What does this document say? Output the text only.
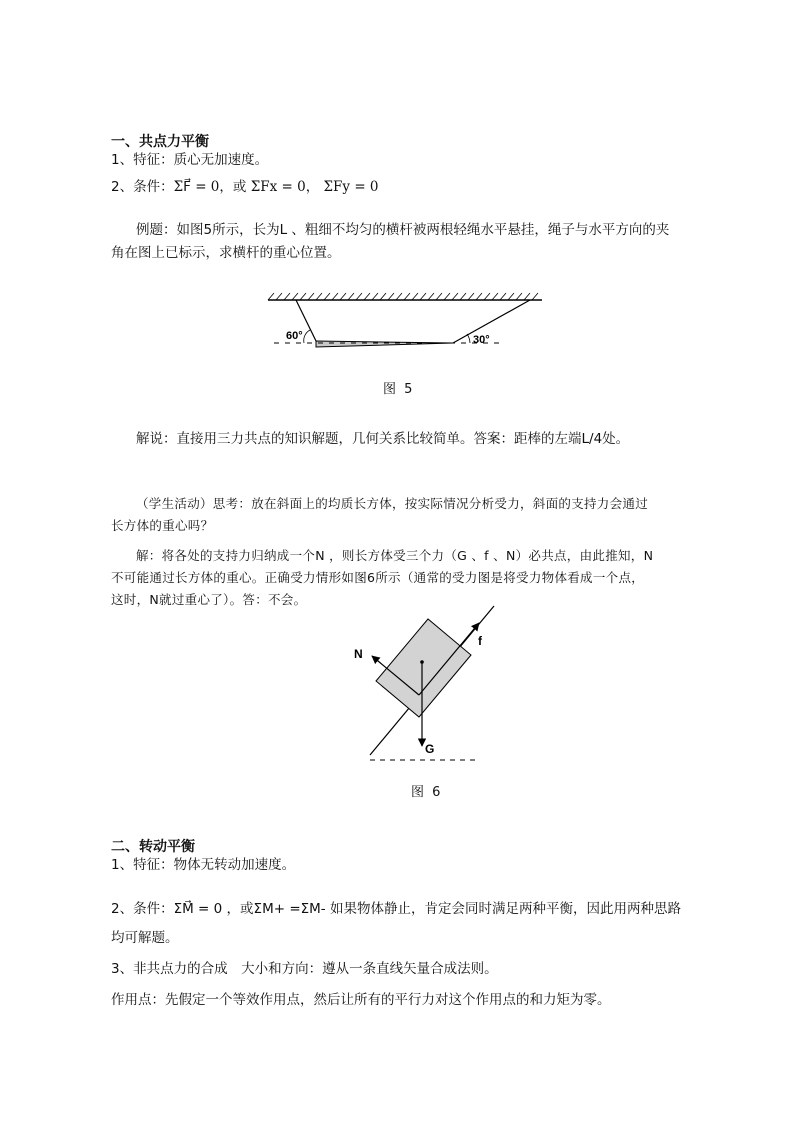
一、共点力平衡
1、特征：质心无加速度。
2、条件：ΣF⃗ = 0，或 ΣFx = 0， ΣFy = 0
例题：如图5所示，长为L 、粗细不均匀的横杆被两根轻绳水平悬挂，绳子与水平方向的夹
角在图上已标示，求横杆的重心位置。
60°	30°
图 5
解说：直接用三力共点的知识解题，几何关系比较简单。答案：距棒的左端L/4处。
（学生活动）思考：放在斜面上的均质长方体，按实际情况分析受力，斜面的支持力会通过
长方体的重心吗？
解：将各处的支持力归纳成一个N ，则长方体受三个力（G 、f 、N）必共点，由此推知，N
不可能通过长方体的重心。正确受力情形如图6所示（通常的受力图是将受力物体看成一个点，
这时，N就过重心了）。答：不会。
N
f
G
图 6
二、转动平衡
1、特征：物体无转动加速度。
2、条件：ΣM⃗ = 0 ，或ΣM+ =ΣM- 如果物体静止，肯定会同时满足两种平衡，因此用两种思路
均可解题。
3、非共点力的合成　大小和方向：遵从一条直线矢量合成法则。
作用点：先假定一个等效作用点，然后让所有的平行力对这个作用点的和力矩为零。
